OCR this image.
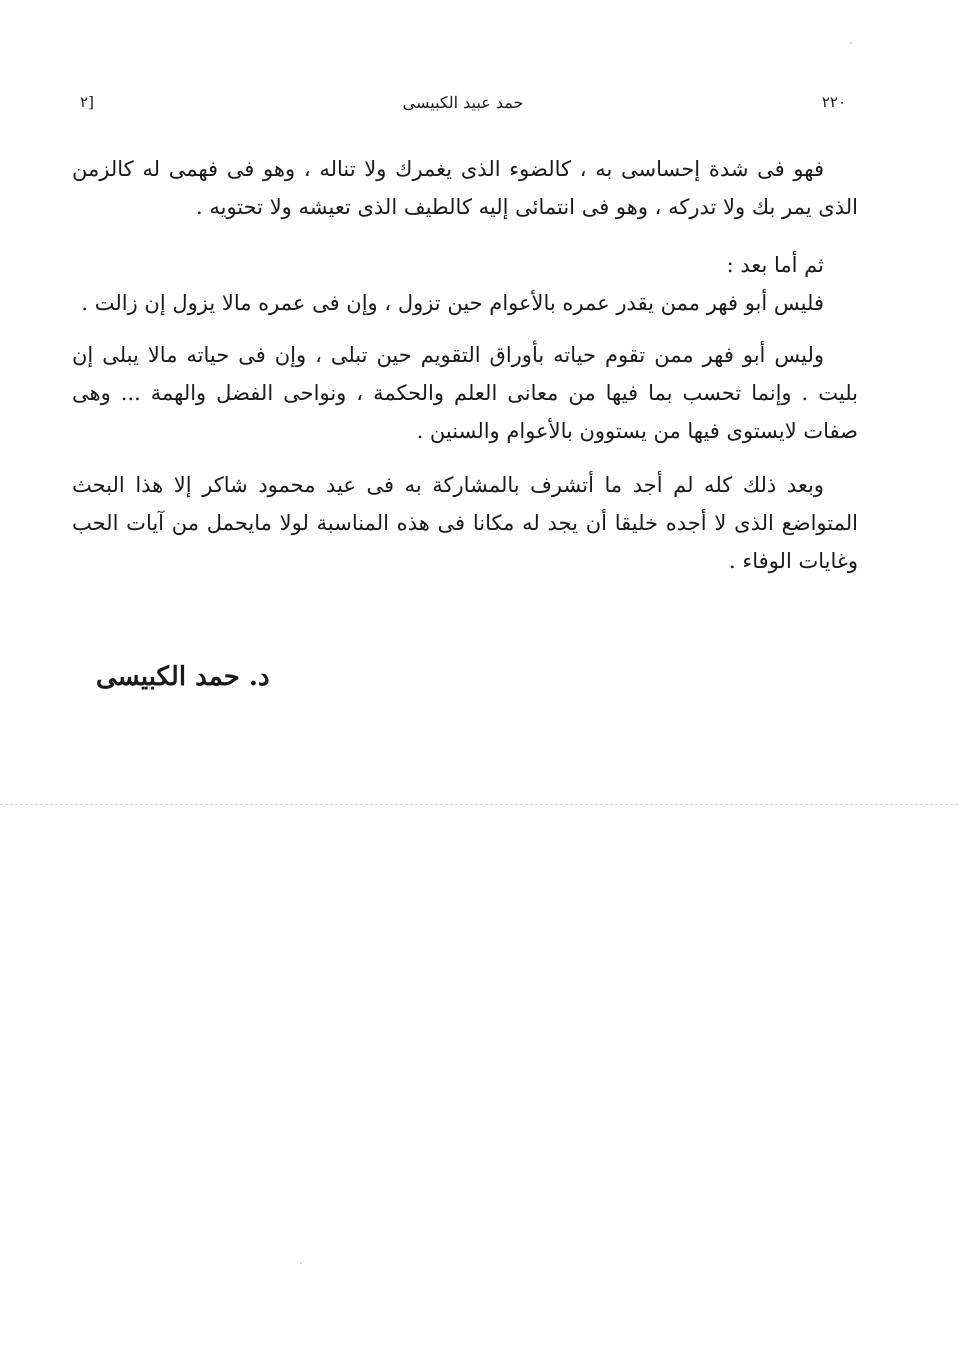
٢٢٠
حمد عبيد الكبيسى
[٢

فهو فى شدة إحساسى به ، كالضوء الذى يغمرك ولا تناله ، وهو فى فهمى له كالزمن الذى يمر بك ولا تدركه ، وهو فى انتمائى إليه كالطيف الذى تعيشه ولا تحتويه .

ثم أما بعد :

فليس أبو فهر ممن يقدر عمره بالأعوام حين تزول ، وإن فى عمره مالا يزول إن زالت .

وليس أبو فهر ممن تقوم حياته بأوراق التقويم حين تبلى ، وإن فى حياته مالا يبلى إن بليت . وإنما تحسب بما فيها من معانى العلم والحكمة ، ونواحى الفضل والهمة ... وهى صفات لايستوى فيها من يستوون بالأعوام والسنين .

وبعد ذلك كله لم أجد ما أتشرف بالمشاركة به فى عيد محمود شاكر إلا هذا البحث المتواضع الذى لا أجده خليقا أن يجد له مكانا فى هذه المناسبة لولا مايحمل من آيات الحب وغايات الوفاء .

د. حمد الكبيسى
